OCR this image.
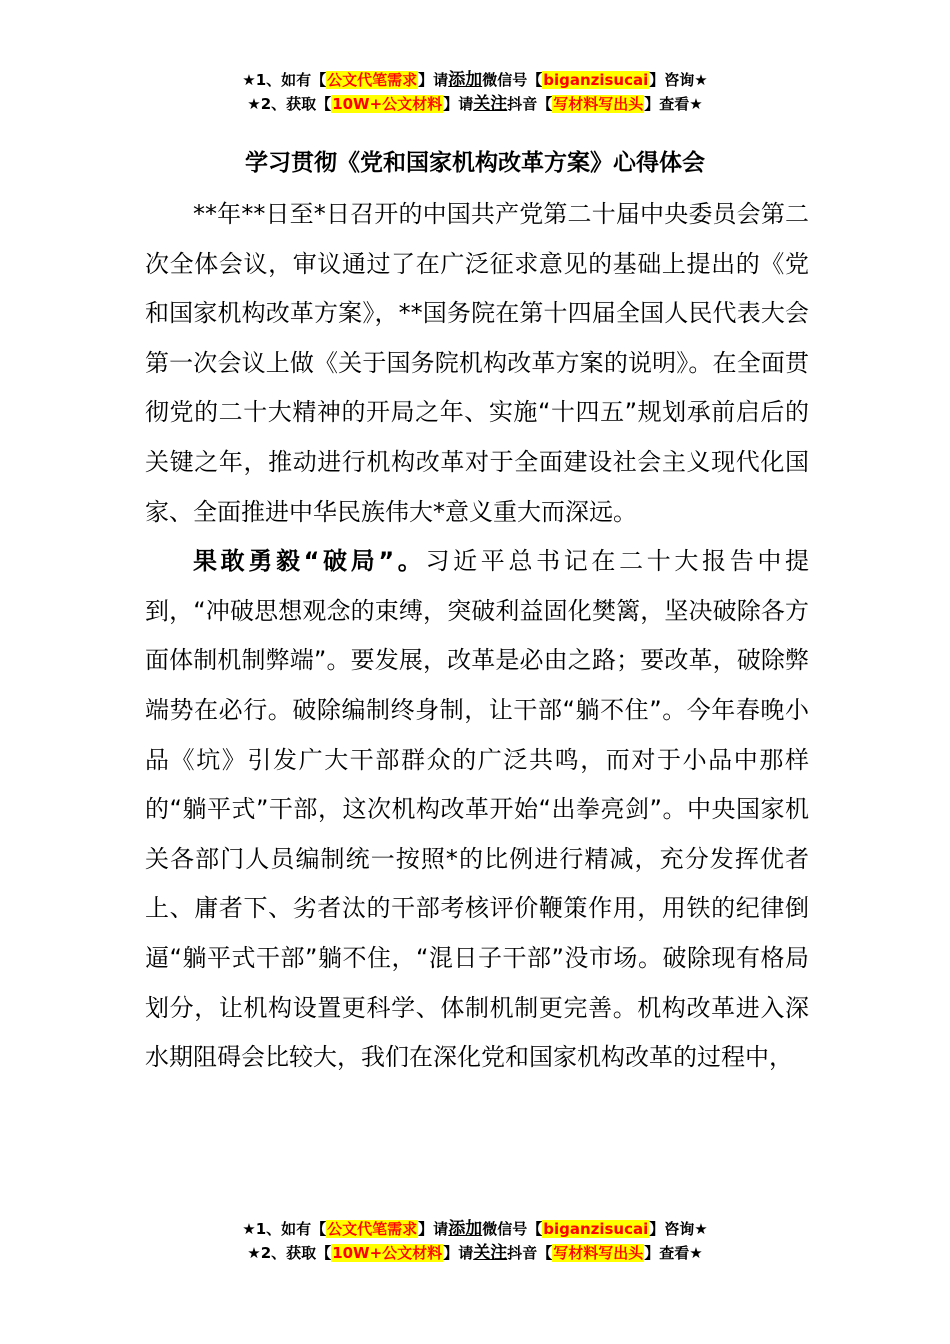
★1、如有【公文代笔需求】请添加微信号【biganzisucai】咨询★
★2、获取【10W+公文材料】请关注抖音【写材料写出头】查看★
学习贯彻《党和国家机构改革方案》心得体会

**年**日至*日召开的中国共产党第二十届中央委员会第二次全体会议，审议通过了在广泛征求意见的基础上提出的《党和国家机构改革方案》，**国务院在第十四届全国人民代表大会第一次会议上做《关于国务院机构改革方案的说明》。在全面贯彻党的二十大精神的开局之年、实施“十四五”规划承前启后的关键之年，推动进行机构改革对于全面建设社会主义现代化国家、全面推进中华民族伟大*意义重大而深远。

果敢勇毅“破局”。习近平总书记在二十大报告中提到，“冲破思想观念的束缚，突破利益固化樊篱，坚决破除各方面体制机制弊端”。要发展，改革是必由之路；要改革，破除弊端势在必行。破除编制终身制，让干部“躺不住”。今年春晚小品《坑》引发广大干部群众的广泛共鸣，而对于小品中那样的“躺平式”干部，这次机构改革开始“出拳亮剑”。中央国家机关各部门人员编制统一按照*的比例进行精减，充分发挥优者上、庸者下、劣者汰的干部考核评价鞭策作用，用铁的纪律倒逼“躺平式干部”躺不住，“混日子干部”没市场。破除现有格局划分，让机构设置更科学、体制机制更完善。机构改革进入深水期阻碍会比较大，我们在深化党和国家机构改革的过程中，

★1、如有【公文代笔需求】请添加微信号【biganzisucai】咨询★
★2、获取【10W+公文材料】请关注抖音【写材料写出头】查看★
